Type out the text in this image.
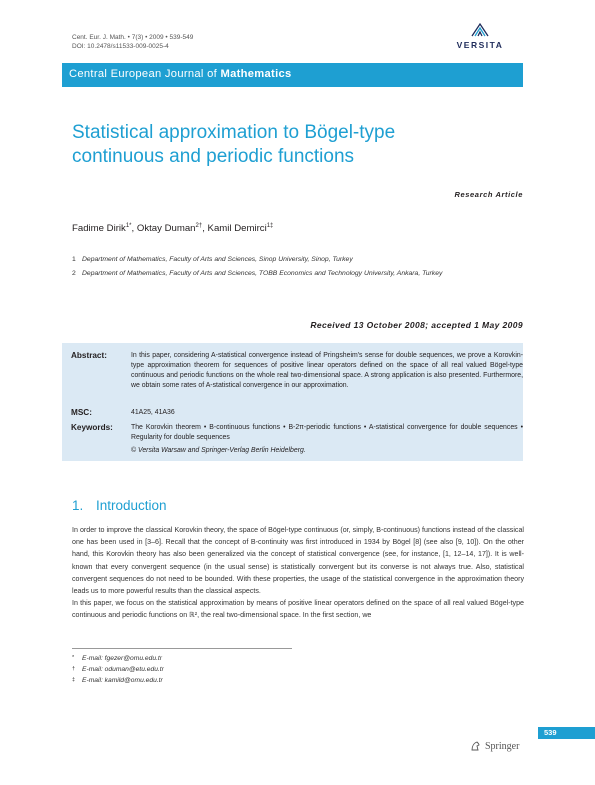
Cent. Eur. J. Math. • 7(3) • 2009 • 539-549
DOI: 10.2478/s11533-009-0025-4	VERSITA
Central European Journal of Mathematics
Statistical approximation to Bögel-type continuous and periodic functions
Research Article
Fadime Dirik$^{1*}$, Oktay Duman$^{2\dagger}$, Kamil Demirci$^{1\ddagger}$
1 Department of Mathematics, Faculty of Arts and Sciences, Sinop University, Sinop, Turkey
2 Department of Mathematics, Faculty of Arts and Sciences, TOBB Economics and Technology University, Ankara, Turkey
Received 13 October 2008; accepted 1 May 2009
Abstract:	In this paper, considering A-statistical convergence instead of Pringsheim's sense for double sequences, we prove a Korovkin-type approximation theorem for sequences of positive linear operators defined on the space of all real valued Bögel-type continuous and periodic functions on the whole real two-dimensional space. A strong application is also presented. Furthermore, we obtain some rates of A-statistical convergence in our approximation.
MSC:	41A25, 41A36
Keywords:	The Korovkin theorem • B-continuous functions • B-2π-periodic functions • A-statistical convergence for double sequences • Regularity for double sequences
© Versita Warsaw and Springer-Verlag Berlin Heidelberg.
1. Introduction

In order to improve the classical Korovkin theory, the space of Bögel-type continuous (or, simply, B-continuous) functions instead of the classical one has been used in [3–6]. Recall that the concept of B-continuity was first introduced in 1934 by Bögel [8] (see also [9, 10]). On the other hand, this Korovkin theory has also been generalized via the concept of statistical convergence (see, for instance, [1, 12–14, 17]). It is well-known that every convergent sequence (in the usual sense) is statistically convergent but its converse is not always true. Also, statistical convergent sequences do not need to be bounded. With these properties, the usage of the statistical convergence in the approximation theory leads us to more powerful results than the classical aspects.

In this paper, we focus on the statistical approximation by means of positive linear operators defined on the space of all real valued Bögel-type continuous and periodic functions on ℝ², the real two-dimensional space. In the first section, we

* E-mail: fgezer@omu.edu.tr
† E-mail: oduman@etu.edu.tr
‡ E-mail: kamild@omu.edu.tr
539
Springer
